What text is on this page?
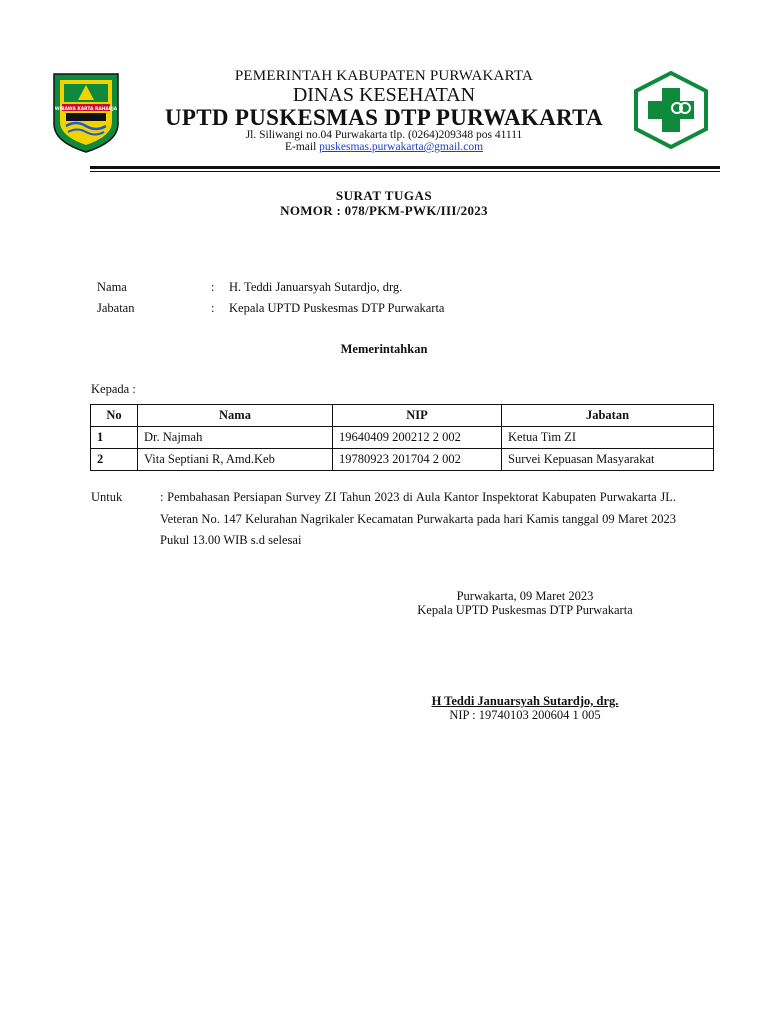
WIBAWA KARTA RAHARJA
PEMERINTAH KABUPATEN PURWAKARTA
DINAS KESEHATAN
UPTD PUSKESMAS DTP PURWAKARTA
Jl. Siliwangi no.04 Purwakarta tlp. (0264)209348 pos 41111
E-mail puskesmas.purwakarta@gmail.com
SURAT TUGAS
NOMOR : 078/PKM-PWK/III/2023
Nama	: H. Teddi Januarsyah Sutardjo, drg.
Jabatan	: Kepala UPTD Puskesmas DTP Purwakarta
Memerintahkan
Kepada :
No	Nama	NIP	Jabatan
1	Dr. Najmah	19640409 200212 2 002	Ketua Tim ZI
2	Vita Septiani R, Amd.Keb	19780923 201704 2 002	Survei Kepuasan Masyarakat
Untuk	: Pembahasan Persiapan Survey ZI Tahun 2023 di Aula Kantor Inspektorat Kabupaten Purwakarta JL. Veteran No. 147 Kelurahan Nagrikaler Kecamatan Purwakarta pada hari Kamis tanggal 09 Maret 2023 Pukul 13.00 WIB s.d selesai
Purwakarta, 09 Maret 2023
Kepala UPTD Puskesmas DTP Purwakarta
H Teddi Januarsyah Sutardjo, drg.
NIP : 19740103 200604 1 005
